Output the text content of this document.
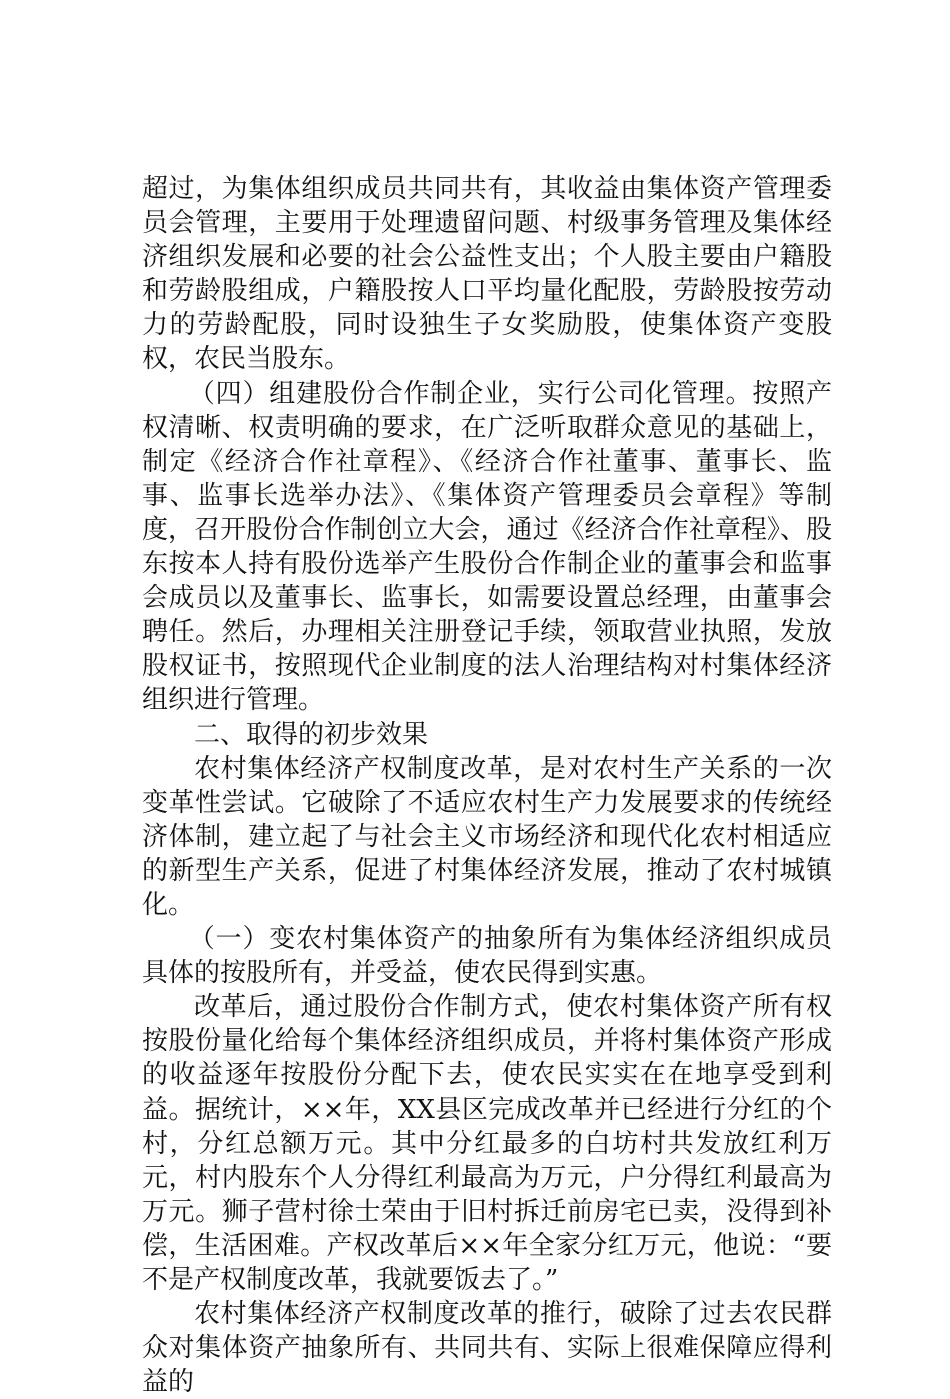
超过，为集体组织成员共同共有，其收益由集体资产管理委员会管理，主要用于处理遗留问题、村级事务管理及集体经济组织发展和必要的社会公益性支出；个人股主要由户籍股和劳龄股组成，户籍股按人口平均量化配股，劳龄股按劳动力的劳龄配股，同时设独生子女奖励股，使集体资产变股权，农民当股东。

（四）组建股份合作制企业，实行公司化管理。按照产权清晰、权责明确的要求，在广泛听取群众意见的基础上，制定《经济合作社章程》、《经济合作社董事、董事长、监事、监事长选举办法》、《集体资产管理委员会章程》等制度，召开股份合作制创立大会，通过《经济合作社章程》、股东按本人持有股份选举产生股份合作制企业的董事会和监事会成员以及董事长、监事长，如需要设置总经理，由董事会聘任。然后，办理相关注册登记手续，领取营业执照，发放股权证书，按照现代企业制度的法人治理结构对村集体经济组织进行管理。

二、取得的初步效果

农村集体经济产权制度改革，是对农村生产关系的一次变革性尝试。它破除了不适应农村生产力发展要求的传统经济体制，建立起了与社会主义市场经济和现代化农村相适应的新型生产关系，促进了村集体经济发展，推动了农村城镇化。

（一）变农村集体资产的抽象所有为集体经济组织成员具体的按股所有，并受益，使农民得到实惠。

改革后，通过股份合作制方式，使农村集体资产所有权按股份量化给每个集体经济组织成员，并将村集体资产形成的收益逐年按股份分配下去，使农民实实在在地享受到利益。据统计，××年，XX县区完成改革并已经进行分红的个村，分红总额万元。其中分红最多的白坊村共发放红利万元，村内股东个人分得红利最高为万元，户分得红利最高为万元。狮子营村徐士荣由于旧村拆迁前房宅已卖，没得到补偿，生活困难。产权改革后××年全家分红万元，他说：“要不是产权制度改革，我就要饭去了。”

农村集体经济产权制度改革的推行，破除了过去农民群众对集体资产抽象所有、共同共有、实际上很难保障应得利益的
